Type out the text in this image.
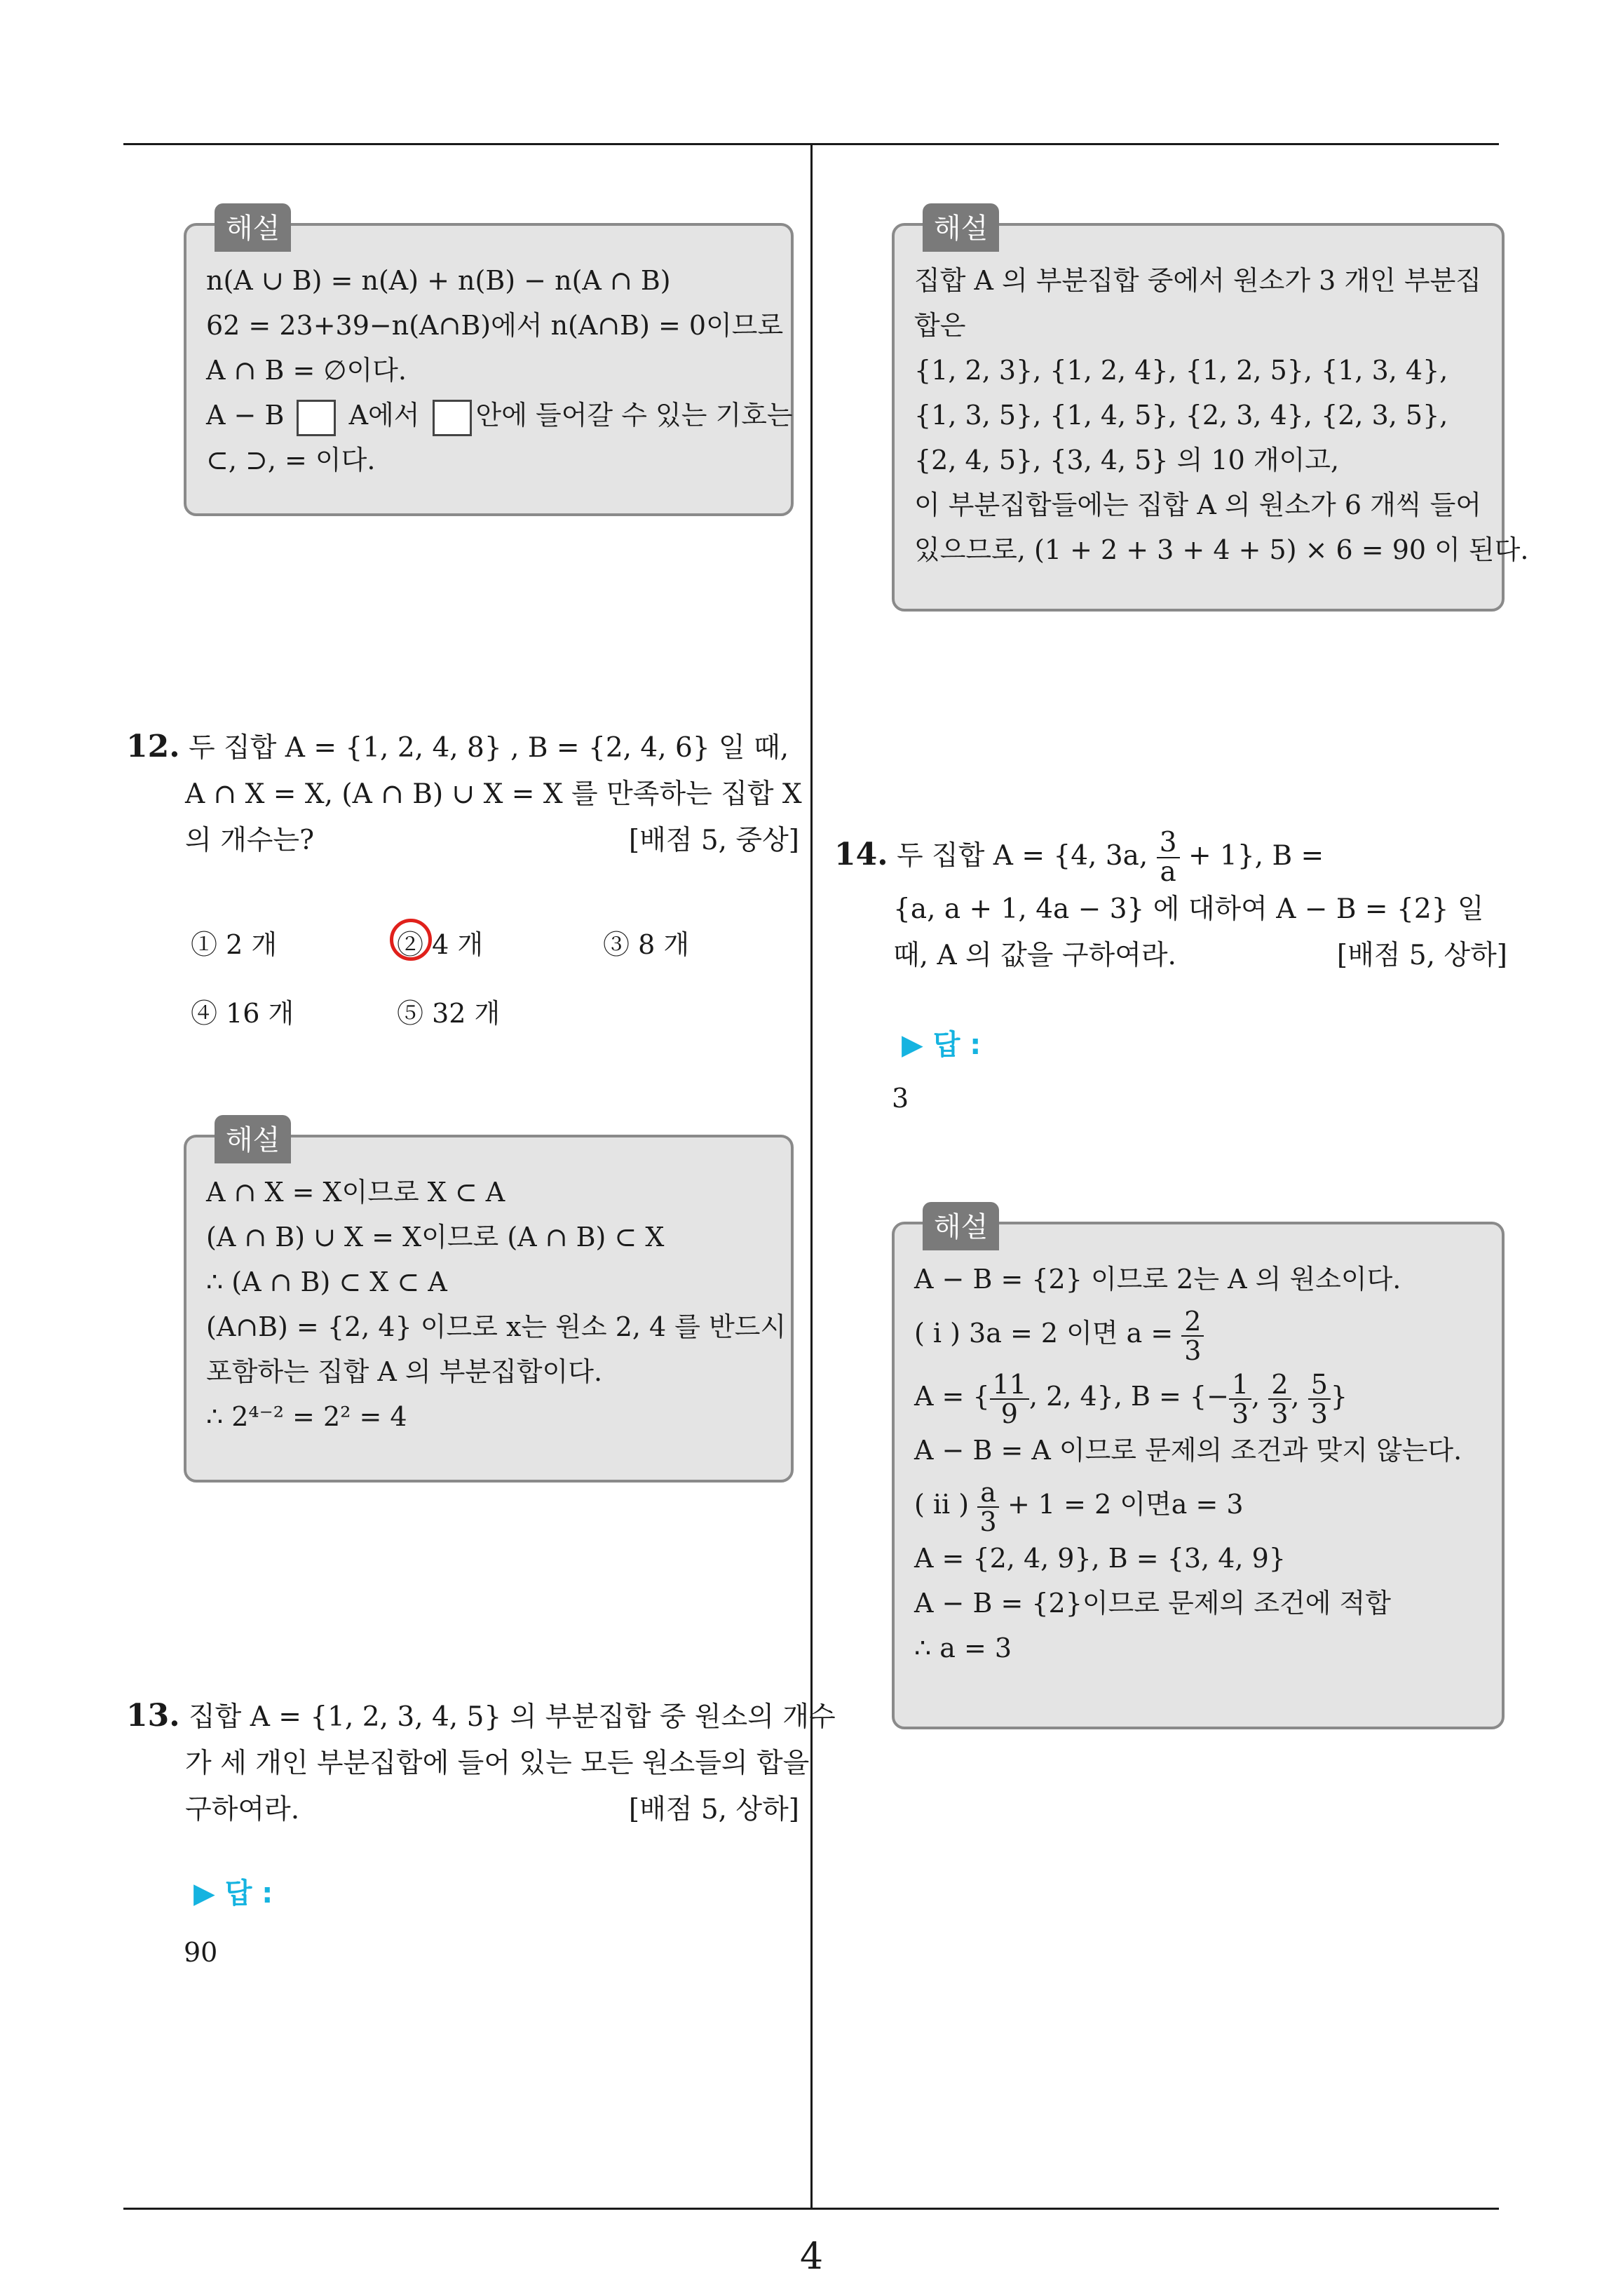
해설

n(A ∪ B) = n(A) + n(B) − n(A ∩ B)

62 = 23+39−n(A∩B)에서 n(A∩B) = 0이므로

A ∩ B = ∅이다.

A − B A에서 안에 들어갈 수 있는 기호는

⊂, ⊃, = 이다.

12. 두 집합 A = {1, 2, 4, 8} , B = {2, 4, 6} 일 때,
A ∩ X = X, (A ∩ B) ∪ X = X 를 만족하는 집합 X
의 개수는?	[배점 5, 중상]
① 2 개	② 4 개	③ 8 개
④ 16 개	⑤ 32 개
해설

A ∩ X = X이므로 X ⊂ A

(A ∩ B) ∪ X = X이므로 (A ∩ B) ⊂ X

∴ (A ∩ B) ⊂ X ⊂ A

(A∩B) = {2, 4} 이므로 x는 원소 2, 4 를 반드시

포함하는 집합 A 의 부분집합이다.

∴ 2⁴⁻² = 2² = 4

13. 집합 A = {1, 2, 3, 4, 5} 의 부분집합 중 원소의 개수
가 세 개인 부분집합에 들어 있는 모든 원소들의 합을
구하여라.	[배점 5, 상하]
▶ 답 :
90
해설

집합 A 의 부분집합 중에서 원소가 3 개인 부분집

합은

{1, 2, 3}, {1, 2, 4}, {1, 2, 5}, {1, 3, 4},

{1, 3, 5}, {1, 4, 5}, {2, 3, 4}, {2, 3, 5},

{2, 4, 5}, {3, 4, 5} 의 10 개이고,

이 부분집합들에는 집합 A 의 원소가 6 개씩 들어

있으므로, (1 + 2 + 3 + 4 + 5) × 6 = 90 이 된다.

14. 두 집합 A = {4, 3a, $\frac{3}{a} + 1$}, B =
{a, a + 1, 4a − 3} 에 대하여 A − B = {2} 일
때, A 의 값을 구하여라.	[배점 5, 상하]
▶ 답 :
3
해설

A − B = {2} 이므로 2는 A 의 원소이다.

( i ) 3a = 2 이면 $a = \frac{2}{3}$

A = { $\frac{11}{9}$ , 2, 4}, B = {− $\frac{1}{3}$ , $\frac{2}{3}$ , $\frac{5}{3}$ }

A − B = A 이므로 문제의 조건과 맞지 않는다.

( ii ) $\frac{a}{3} + 1 = 2$ 이면a = 3

A = {2, 4, 9}, B = {3, 4, 9}

A − B = {2}이므로 문제의 조건에 적합

∴ a = 3

4
